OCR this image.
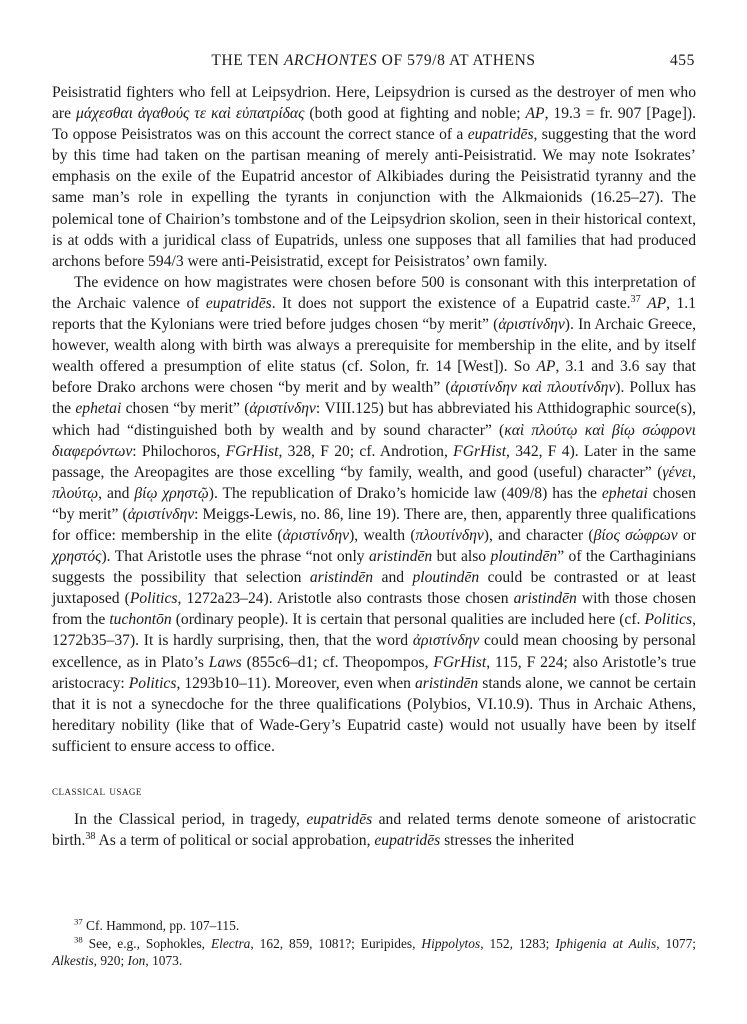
THE TEN ARCHONTES OF 579/8 AT ATHENS	455

Peisistratid fighters who fell at Leipsydrion. Here, Leipsydrion is cursed as the destroyer of men who are μάχεσθαι ἀγαθούς τε καὶ εὐπατρίδας (both good at fighting and noble; AP, 19.3 = fr. 907 [Page]). To oppose Peisistratos was on this account the correct stance of a eupatridēs, suggesting that the word by this time had taken on the partisan meaning of merely anti-Peisistratid. We may note Isokrates’ emphasis on the exile of the Eupatrid ancestor of Alkibiades during the Peisistratid tyranny and the same man’s role in expelling the tyrants in conjunction with the Alkmaionids (16.25–27). The polemical tone of Chairion’s tombstone and of the Leipsydrion skolion, seen in their historical context, is at odds with a juridical class of Eupatrids, unless one supposes that all families that had produced archons before 594/3 were anti-Peisistratid, except for Peisistratos’ own family.

The evidence on how magistrates were chosen before 500 is consonant with this interpretation of the Archaic valence of eupatridēs. It does not support the existence of a Eupatrid caste.$^{37}$ AP, 1.1 reports that the Kylonians were tried before judges chosen “by merit” (ἀριστίνδην). In Archaic Greece, however, wealth along with birth was always a prerequisite for membership in the elite, and by itself wealth offered a presumption of elite status (cf. Solon, fr. 14 [West]). So AP, 3.1 and 3.6 say that before Drako archons were chosen “by merit and by wealth” (ἀριστίνδην καὶ πλουτίνδην). Pollux has the ephetai chosen “by merit” (ἀριστίνδην: VIII.125) but has abbreviated his Atthidographic source(s), which had “distinguished both by wealth and by sound character” (καὶ πλούτῳ καὶ βίῳ σώφρονι διαφερόντων: Philochoros, FGrHist, 328, F 20; cf. Androtion, FGrHist, 342, F 4). Later in the same passage, the Areopagites are those excelling “by family, wealth, and good (useful) character” (γένει, πλούτῳ, and βίῳ χρηστῷ). The republication of Drako’s homicide law (409/8) has the ephetai chosen “by merit” (ἀριστίνδην: Meiggs-Lewis, no. 86, line 19). There are, then, apparently three qualifications for office: membership in the elite (ἀριστίνδην), wealth (πλουτίνδην), and character (βίος σώφρων or χρηστός). That Aristotle uses the phrase “not only aristindēn but also ploutindēn” of the Carthaginians suggests the possibility that selection aristindēn and ploutindēn could be contrasted or at least juxtaposed (Politics, 1272a23–24). Aristotle also contrasts those chosen aristindēn with those chosen from the tuchontōn (ordinary people). It is certain that personal qualities are included here (cf. Politics, 1272b35–37). It is hardly surprising, then, that the word ἀριστίνδην could mean choosing by personal excellence, as in Plato’s Laws (855c6–d1; cf. Theopompos, FGrHist, 115, F 224; also Aristotle’s true aristocracy: Politics, 1293b10–11). Moreover, even when aristindēn stands alone, we cannot be certain that it is not a synecdoche for the three qualifications (Polybios, VI.10.9). Thus in Archaic Athens, hereditary nobility (like that of Wade-Gery’s Eupatrid caste) would not usually have been by itself sufficient to ensure access to office.

classical usage

In the Classical period, in tragedy, eupatridēs and related terms denote someone of aristocratic birth.$^{38}$ As a term of political or social approbation, eupatridēs stresses the inherited

$^{37}$ Cf. Hammond, pp. 107–115.

$^{38}$ See, e.g., Sophokles, Electra, 162, 859, 1081?; Euripides, Hippolytos, 152, 1283; Iphigenia at Aulis, 1077; Alkestis, 920; Ion, 1073.
